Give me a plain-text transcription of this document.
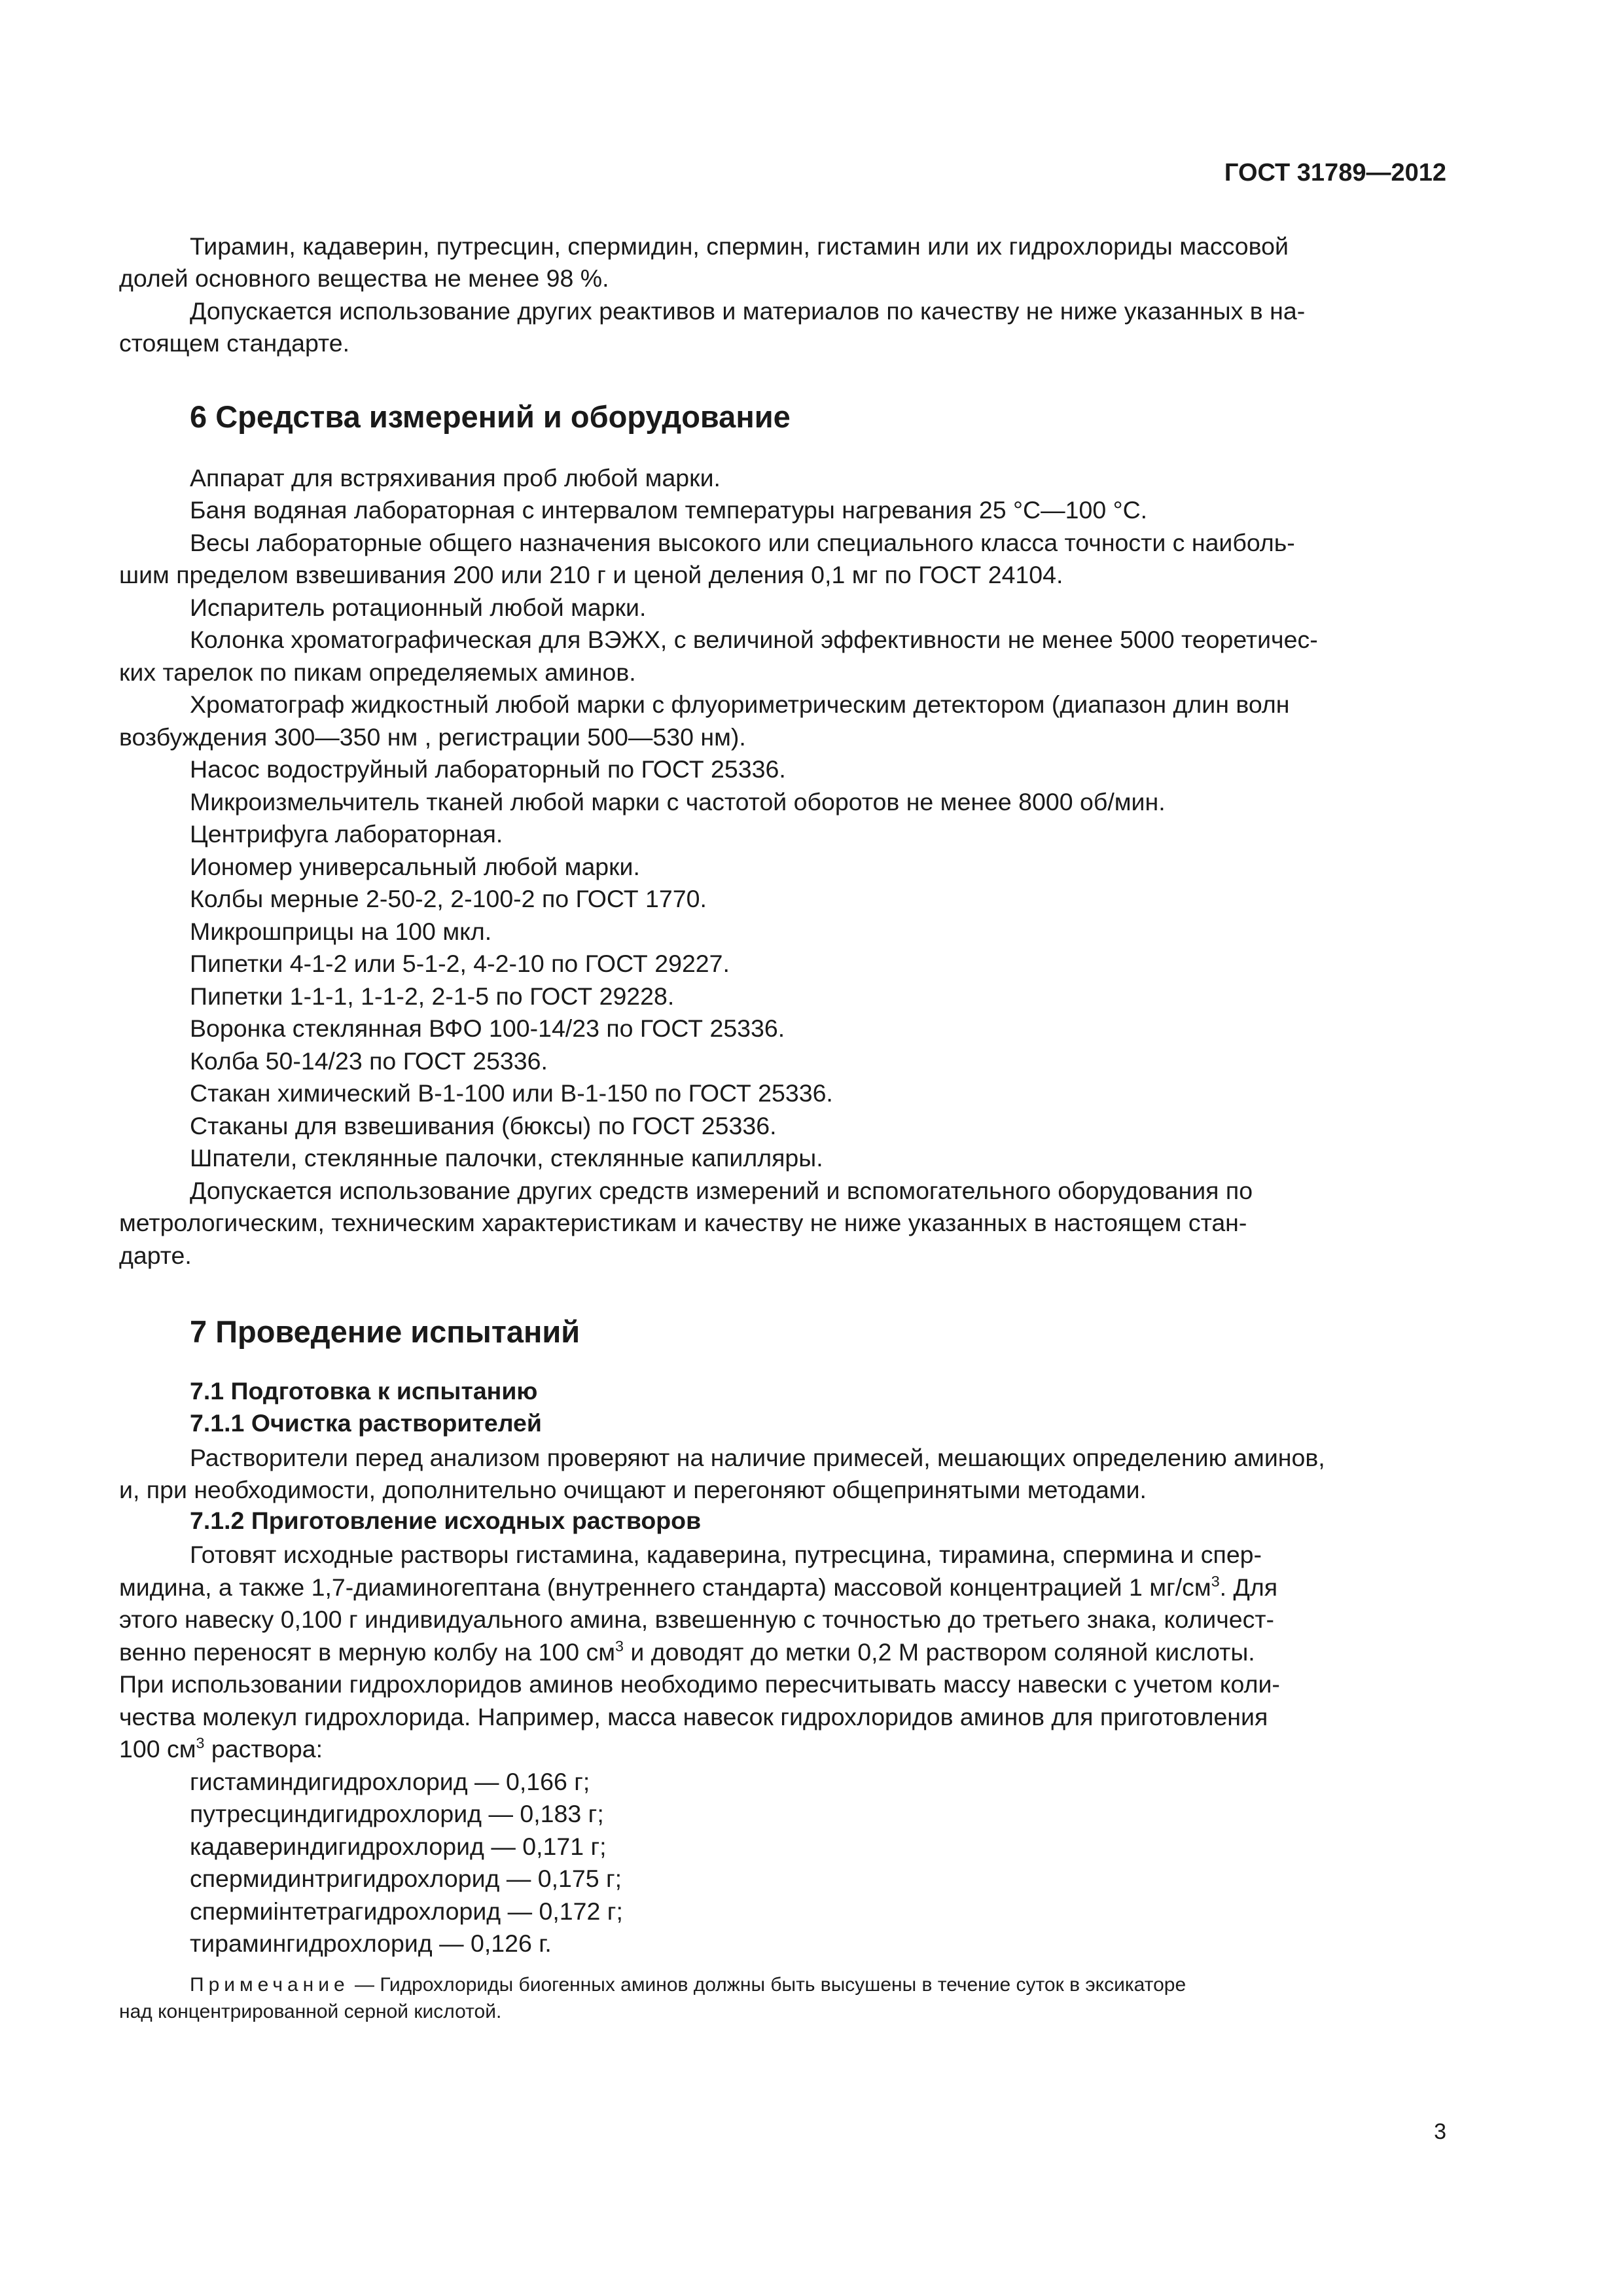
ГОСТ 31789—2012
Тирамин, кадаверин, путресцин, спермидин, спермин, гистамин или их гидрохлориды массовой
долей основного вещества не менее 98 %.
Допускается использование других реактивов и материалов по качеству не ниже указанных в на-
стоящем стандарте.
6 Средства измерений и оборудование
Аппарат для встряхивания проб любой марки.
Баня водяная лабораторная с интервалом температуры нагревания 25 °С—100 °С.
Весы лабораторные общего назначения высокого или специального класса точности с наиболь-
шим пределом взвешивания 200 или 210 г и ценой деления 0,1 мг по ГОСТ 24104.
Испаритель ротационный любой марки.
Колонка хроматографическая для ВЭЖХ, с величиной эффективности не менее 5000 теоретичес-
ких тарелок по пикам определяемых аминов.
Хроматограф жидкостный любой марки с флуориметрическим детектором (диапазон длин волн
возбуждения 300—350 нм , регистрации 500—530 нм).
Насос водоструйный лабораторный по ГОСТ 25336.
Микроизмельчитель тканей любой марки с частотой оборотов не менее 8000 об/мин.
Центрифуга лабораторная.
Иономер универсальный любой марки.
Колбы мерные 2-50-2, 2-100-2 по ГОСТ 1770.
Микрошприцы на 100 мкл.
Пипетки 4-1-2 или 5-1-2, 4-2-10 по ГОСТ 29227.
Пипетки 1-1-1, 1-1-2, 2-1-5 по ГОСТ 29228.
Воронка стеклянная ВФО 100-14/23 по ГОСТ 25336.
Колба 50-14/23 по ГОСТ 25336.
Стакан химический В-1-100 или В-1-150 по ГОСТ 25336.
Стаканы для взвешивания (бюксы) по ГОСТ 25336.
Шпатели, стеклянные палочки, стеклянные капилляры.
Допускается использование других средств измерений и вспомогательного оборудования по
метрологическим, техническим характеристикам и качеству не ниже указанных в настоящем стан-
дарте.
7 Проведение испытаний
7.1 Подготовка к испытанию
7.1.1 Очистка растворителей
Растворители перед анализом проверяют на наличие примесей, мешающих определению аминов,
и, при необходимости, дополнительно очищают и перегоняют общепринятыми методами.
7.1.2 Приготовление исходных растворов
Готовят исходные растворы гистамина, кадаверина, путресцина, тирамина, спермина и спер-
мидина, а также 1,7-диаминогептана (внутреннего стандарта) массовой концентрацией 1 $мг/см^3$. Для
этого навеску 0,100 г индивидуального амина, взвешенную с точностью до третьего знака, количест-
венно переносят в мерную колбу на 100 $см^3$ и доводят до метки 0,2 М раствором соляной кислоты.
При использовании гидрохлоридов аминов необходимо пересчитывать массу навески с учетом коли-
чества молекул гидрохлорида. Например, масса навесок гидрохлоридов аминов для приготовления
100 $см^3$ раствора:
гистаминдигидрохлорид — 0,166 г;
путресциндигидрохлорид — 0,183 г;
кадавериндигидрохлорид — 0,171 г;
спермидинтригидрохлорид — 0,175 г;
спермиінтетрагидрохлорид — 0,172 г;
тирамингидрохлорид — 0,126 г.
Примечание — Гидрохлориды биогенных аминов должны быть высушены в течение суток в эксикаторе
над концентрированной серной кислотой.
3
